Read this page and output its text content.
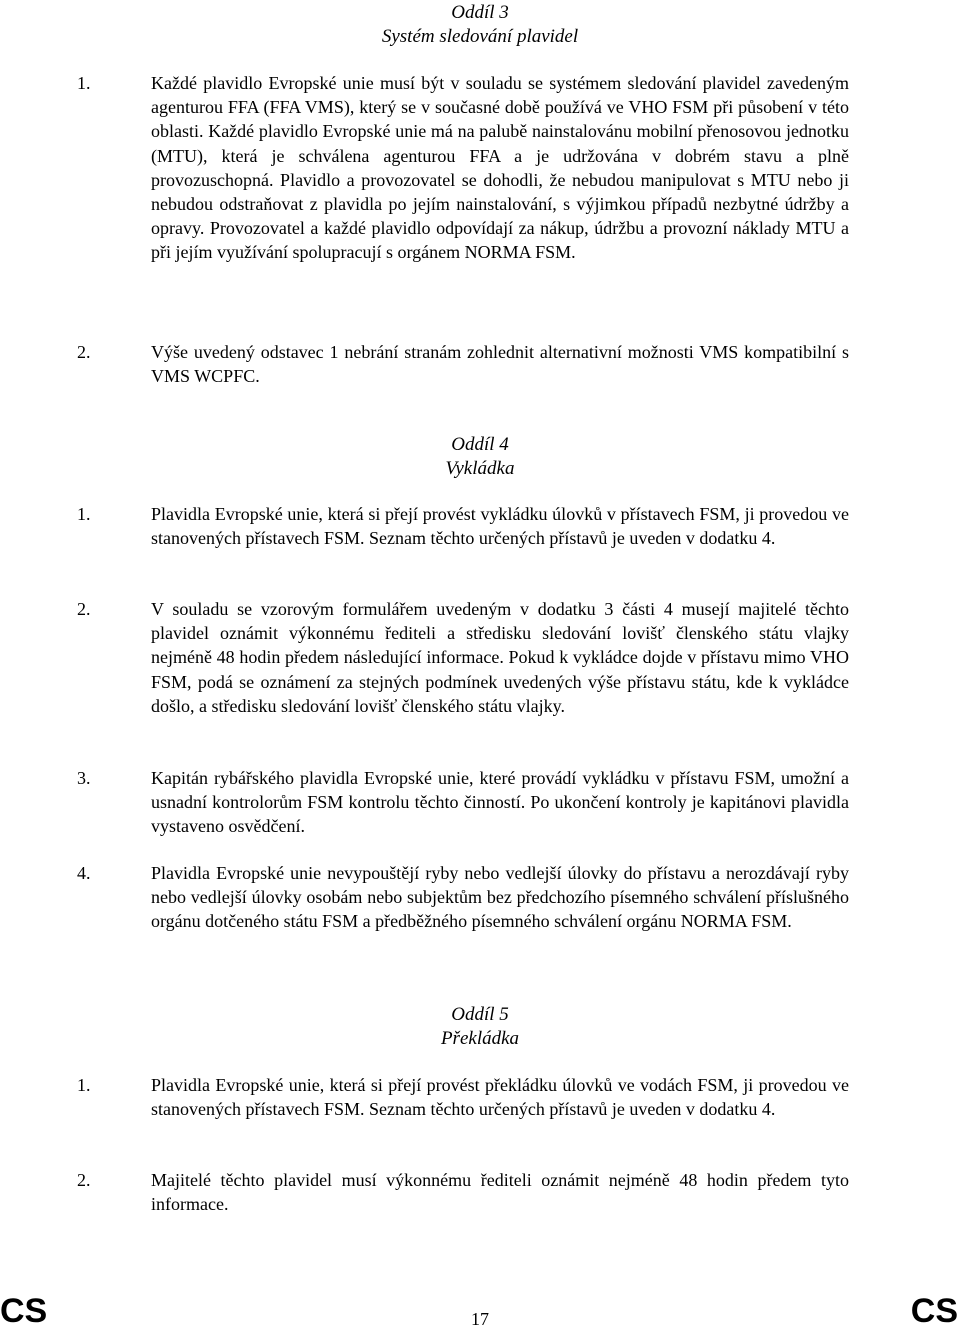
Oddíl 3
Systém sledování plavidel
1.	Každé plavidlo Evropské unie musí být v souladu se systémem sledování plavidel zavedeným agenturou FFA (FFA VMS), který se v současné době používá ve VHO FSM při působení v této oblasti. Každé plavidlo Evropské unie má na palubě nainstalovánu mobilní přenosovou jednotku (MTU), která je schválena agenturou FFA a je udržována v dobrém stavu a plně provozuschopná. Plavidlo a provozovatel se dohodli, že nebudou manipulovat s MTU nebo ji nebudou odstraňovat z plavidla po jejím nainstalování, s výjimkou případů nezbytné údržby a opravy. Provozovatel a každé plavidlo odpovídají za nákup, údržbu a provozní náklady MTU a při jejím využívání spolupracují s orgánem NORMA FSM.
2.	Výše uvedený odstavec 1 nebrání stranám zohlednit alternativní možnosti VMS kompatibilní s VMS WCPFC.
Oddíl 4
Vykládka
1.	Plavidla Evropské unie, která si přejí provést vykládku úlovků v přístavech FSM, ji provedou ve stanovených přístavech FSM. Seznam těchto určených přístavů je uveden v dodatku 4.
2.	V souladu se vzorovým formulářem uvedeným v dodatku 3 části 4 musejí majitelé těchto plavidel oznámit výkonnému řediteli a středisku sledování lovišť členského státu vlajky nejméně 48 hodin předem následující informace. Pokud k vykládce dojde v přístavu mimo VHO FSM, podá se oznámení za stejných podmínek uvedených výše přístavu státu, kde k vykládce došlo, a středisku sledování lovišť členského státu vlajky.
3.	Kapitán rybářského plavidla Evropské unie, které provádí vykládku v přístavu FSM, umožní a usnadní kontrolorům FSM kontrolu těchto činností. Po ukončení kontroly je kapitánovi plavidla vystaveno osvědčení.
4.	Plavidla Evropské unie nevypouštějí ryby nebo vedlejší úlovky do přístavu a nerozdávají ryby nebo vedlejší úlovky osobám nebo subjektům bez předchozího písemného schválení příslušného orgánu dotčeného státu FSM a předběžného písemného schválení orgánu NORMA FSM.
Oddíl 5
Překládka
1.	Plavidla Evropské unie, která si přejí provést překládku úlovků ve vodách FSM, ji provedou ve stanovených přístavech FSM. Seznam těchto určených přístavů je uveden v dodatku 4.
2.	Majitelé těchto plavidel musí výkonnému řediteli oznámit nejméně 48 hodin předem tyto informace.
CS	17	CS
